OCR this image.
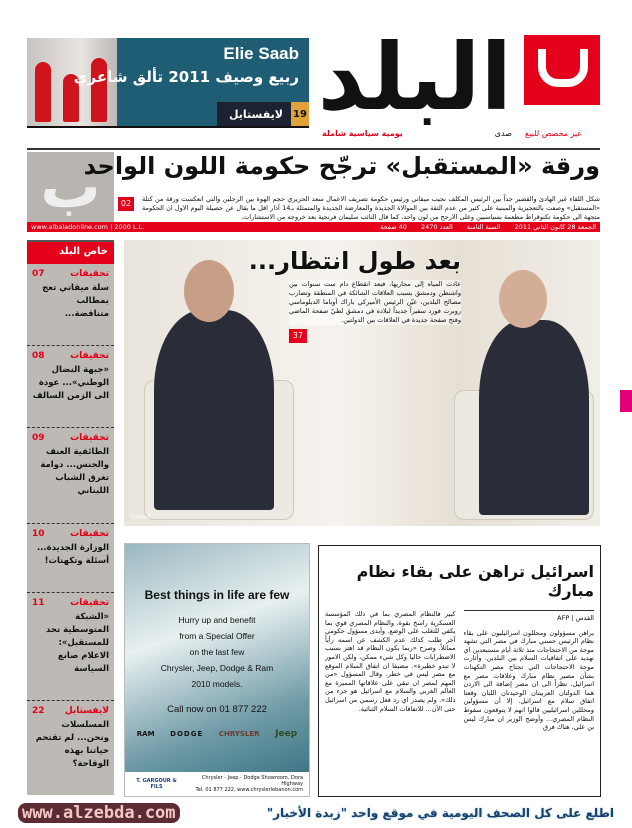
Elie Saab
ربيع وصيف 2011 تألق شاعري
19
لايفستايل البلد
صدى
يومية سياسية شاملة	غير مخصص للبيع
ب
ورقة «المستقبل» ترجّح حكومة اللون الواحد
شكل اللقاء غير الهادئ والقصير جداً بين الرئيس المكلف نجيب ميقاتي ورئيس حكومة تصريف الاعمال سعد الحريري حجم الهوة بين الرجلين والتي انعكست ورقة من كتلة «المستقبل» وصفت بالتعجيزية والمبنية على كثير من عدم الثقة بين الموالاة الجديدة والمعارضة الجديدة والمتمثلة بـ14 آذار اقل ما يقال عن حصيلة اليوم الاول ان الحكومة متجهة الى حكومة تكنوقراط مطعمة بسياسيين وعلى الارجح من لون واحد، كما قال النائب سليمان فرنجية بعد خروجه من الاستشارات.
02
www.albaladonline.com | 2000 L.L.	الجمعة 28 كانون الثاني 2011
السنة الثامنة
العدد 2470
40 صفحة
خاص البلد
تحقيقات
07
سلة ميقاتي تعج بمطالب متناقضة...
تحقيقات
08
«جبهة النضال الوطني»... عودة الى الزمن السالف
تحقيقات
09
الطائفية العنف والجنس... دوامة تغرق الشباب اللبناني
تحقيقات
10
الوزارة الجديدة... أسئلة وتكهنات!
تحقيقات
11
«الشبكة المتوسطية تحد للمستقبل»: الاعلام صانع السياسة
لايفستايل
22
المسلسلات ونحن... لم تقتحم حياتنا بهذه الوقاحة؟
بعد طول انتظار...
عادت المياه إلى مجاريها، فبعد انقطاع دام ست سنوات بين واشنطن ودمشق بسبب العلاقات الشائكة في المنطقة وتضارب مصالح البلدين، عيّن الرئيس الأميركي باراك أوباما الدبلوماسي روبرت فورد سفيراً جديداً لبلاده في دمشق لطيّ صفحة الماضي وفتح صفحة جديدة في العلاقات بين الدولتين.
37
(رويترز)
Best things in life are few
Hurry up and benefit
from a Special Offer
on the last few
Chrysler, Jeep, Dodge & Ram
2010 models.
Call now on 01 877 222
RAM DODGE CHRYSLER Jeep
T. GARGOUR & FILS
Chrysler - Jeep - Dodge Showroom, Dora Highway
Tel. 01 877 222, www.chryslerlebanon.com
اسرائيل تراهن على بقاء نظام مبارك
القدس | AFP
يراهن مسؤولون ومحللون اسرائيليون على بقاء نظام الرئيس حسني مبارك في مصر التي تشهد موجة من الاحتجاجات منذ ثلاثة أيام مستبعدين اي تهديد على اتفاقيات السلام بين البلدين. وأثارت موجة الاحتجاجات التي تجتاح مصر التكهنات بشأن مصير نظام مبارك وعلاقات مصر مع اسرائيل، نظراً الى ان مصر إضافة الى الاردن هما الدولتان العربيتان الوحيدتان اللتان وقعتا اتفاق سلام مع اسرائيل. إلا أن مسؤولين ومحللين اسرائيليين قالوا انهم لا يتوقعون سقوط النظام المصري... وأوضح الوزير ان مبارك ليس بن علي، هناك فرق
كبير فالنظام المصري بما في ذلك المؤسسة العسكرية راسخ بقوة، والنظام المصري قوي بما يكفي للتغلب على الوضع. وأبدى مسؤول حكومي آخر طلب كذلك عدم الكشف عن اسمه رأياً مماثلاً. وصرح «ربما يكون النظام قد اهتز بسبب الاضطرابات حاليا وكل شيء ممكن، ولكن الامور لا تبدو خطيرة». مضيفا ان اتفاق السلام الموقع مع مصر ليس في خطر. وقال المسؤول «من المهم لمصر ان تبقي على علاقاتها المميزة مع العالم الغربي والسلام مع اسرائيل هو جزء من ذلك». ولم يصدر اي رد فعل رسمي من اسرائيل حتى الآن... للاتفاقات السلام الثنائية.
www.alzebda.com	اطلع على كل الصحف اليومية في موقع واحد "زبدة الأخبار"
